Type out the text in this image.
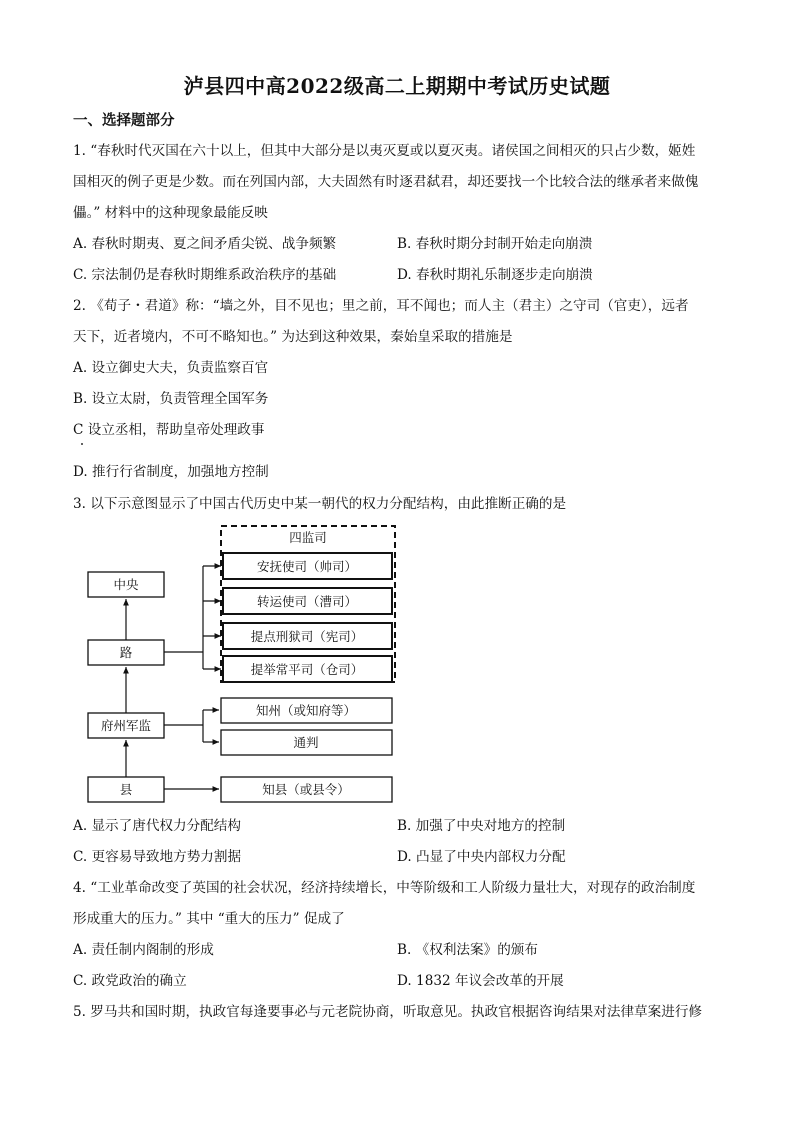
泸县四中高2022级高二上期期中考试历史试题
一、选择题部分
1. “春秋时代灭国在六十以上，但其中大部分是以夷灭夏或以夏灭夷。诸侯国之间相灭的只占少数，姬姓
国相灭的例子更是少数。而在列国内部，大夫固然有时逐君弑君，却还要找一个比较合法的继承者来做傀
儡。” 材料中的这种现象最能反映
A. 春秋时期夷、夏之间矛盾尖锐、战争频繁	B. 春秋时期分封制开始走向崩溃
C. 宗法制仍是春秋时期维系政治秩序的基础	D. 春秋时期礼乐制逐步走向崩溃
2. 《荀子・君道》称：“墙之外，目不见也；里之前，耳不闻也；而人主（君主）之守司（官吏），远者
天下，近者境内，不可不略知也。” 为达到这种效果，秦始皇采取的措施是
A. 设立御史大夫，负责监察百官
B. 设立太尉，负责管理全国军务
C 设立丞相，帮助皇帝处理政事
D. 推行行省制度，加强地方控制
3. 以下示意图显示了中国古代历史中某一朝代的权力分配结构，由此推断正确的是
中央
路
府州军监
县
四监司
安抚使司（帅司）
转运使司（漕司）
提点刑狱司（宪司）
提举常平司（仓司）
知州（或知府等）
通判
知县（或县令）
A. 显示了唐代权力分配结构	B. 加强了中央对地方的控制
C. 更容易导致地方势力割据	D. 凸显了中央内部权力分配
4. “工业革命改变了英国的社会状况，经济持续增长，中等阶级和工人阶级力量壮大，对现存的政治制度
形成重大的压力。” 其中 “重大的压力” 促成了
A. 责任制内阁制的形成	B. 《权利法案》的颁布
C. 政党政治的确立	D. 1832 年议会改革的开展
5. 罗马共和国时期，执政官每逢要事必与元老院协商，听取意见。执政官根据咨询结果对法律草案进行修
